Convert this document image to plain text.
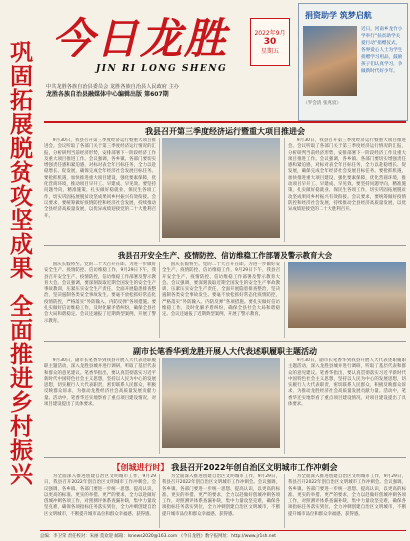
巩固拓展脱贫攻坚成果
全面推进乡村振兴
今日龙胜
JIN RI LONG SHENG
2022年9月
30
星期五
中共龙胜各族自治县委员会 龙胜各族自治县人民政府 主办
龙胜各族自治县融媒体中心编辑出版 第607期
捐资助学 筑梦启航
近日，河南乡龙竹小学举行“扶贫助学关爱行动”捐赠仪式，各界爱心人士为学生捐赠学习用品，鼓励孩子们认真学习，争做新时代好少年。
（罗会清 张兆宸）
我县召开第三季度经济运行暨重大项目推进会

9月30日，我县召开第三季度经济运行暨重大项目推进会。会议听取了各部门关于第三季度经济运行情况的汇报，分析研判当前经济形势，安排部署下一阶段经济工作及重大项目推进工作。会议强调，各乡镇、各部门要切实增强责任感和紧迫感，对标对表全年目标任务，全力以赴稳增长、促发展，确保完成全年经济社会发展目标任务。要抢抓机遇，加快推进重大项目建设，强化要素保障，优化营商环境，推动项目早开工、早建成、早见效。要坚持问题导向，精准施策，扎实做好稳就业、保民生各项工作，切实巩固拓展脱贫攻坚成果同乡村振兴有效衔接。会议要求，要统筹做好疫情防控和经济社会发展，持续推动全县经济高质量发展，以优异成绩迎接党的二十大胜利召开。

9月30日，我县召开第三季度经济运行暨重大项目推进会。会议听取了各部门关于第三季度经济运行情况的汇报，分析研判当前经济形势，安排部署下一阶段经济工作及重大项目推进工作。会议强调，各乡镇、各部门要切实增强责任感和紧迫感，对标对表全年目标任务，全力以赴稳增长、促发展，确保完成全年经济社会发展目标任务。要抢抓机遇，加快推进重大项目建设，强化要素保障，优化营商环境，推动项目早开工、早建成、早见效。要坚持问题导向，精准施策，扎实做好稳就业、保民生各项工作，切实巩固拓展脱贫攻坚成果同乡村振兴有效衔接。会议要求，要统筹做好疫情防控和经济社会发展，持续推动全县经济高质量发展，以优异成绩迎接党的二十大胜利召开。

我县召开安全生产、疫情防控、信访维稳工作部署及警示教育大会

国庆长假将至。党的二十大召开在即。为进一步做好安全生产、疫情防控、信访维稳工作，9月29日下午，我县召开安全生产、疫情防控、信访维稳工作部署及警示教育大会。会议强调，要深刻汲取近期全国发生的安全生产事故教训，压紧压实安全生产责任，全面开展隐患排查整治，坚决遏制各类安全事故发生。要毫不放松抓好常态化疫情防控，严格落实“外防输入、内防反弹”各项措施。要扎实做好信访维稳工作，及时化解矛盾纠纷，确保全县社会大局和谐稳定。会议还通报了近期典型案例，开展了警示教育。

国庆长假将至。党的二十大召开在即。为进一步做好安全生产、疫情防控、信访维稳工作，9月29日下午，我县召开安全生产、疫情防控、信访维稳工作部署及警示教育大会。会议强调，要深刻汲取近期全国发生的安全生产事故教训，压紧压实安全生产责任，全面开展隐患排查整治，坚决遏制各类安全事故发生。要毫不放松抓好常态化疫情防控，严格落实“外防输入、内防反弹”各项措施。要扎实做好信访维稳工作，及时化解矛盾纠纷，确保全县社会大局和谐稳定。会议还通报了近期典型案例，开展了警示教育。

副市长笔香华到龙胜开展人大代表述职履职主题活动

9月30日，副市长笔香华到我县开展人大代表述职履职主题活动，深入龙胜县城并进行调研，听取了基层代表和群众的意见建议。笔香华指出，要认真贯彻落实习近平新时代中国特色社会主义思想，坚持以人民为中心的发展思想，切实履行人大代表职责，密切联系人民群众，积极反映群众诉求，为推动龙胜经济社会高质量发展贡献力量。活动中，笔香华还实地察看了重点项目建设情况，对项目建设提出了具体要求。

9月30日，副市长笔香华到我县开展人大代表述职履职主题活动，深入龙胜县城并进行调研，听取了基层代表和群众的意见建议。笔香华指出，要认真贯彻落实习近平新时代中国特色社会主义思想，坚持以人民为中心的发展思想，切实履行人大代表职责，密切联系人民群众，积极反映群众诉求，为推动龙胜经济社会高质量发展贡献力量。活动中，笔香华还实地察看了重点项目建设情况，对项目建设提出了具体要求。

【创城进行时】 我县召开2022年创自治区文明城市工作冲刺会

为全面深入推进创建自治区文明城市工作，9月29日，我县召开2022年创自治区文明城市工作冲刺会。会议强调，各乡镇、各部门要进一步统一思想、提高认识，以更高的标准、更实的举措、更严的要求，全力以赴做好创城冲刺各项工作，对照测评体系查漏补缺，集中力量攻坚克难，确保各项指标任务落实到位，全力冲刺创建自治区文明城市，不断提升城市品位和群众幸福感、获得感。

为全面深入推进创建自治区文明城市工作，9月29日，我县召开2022年创自治区文明城市工作冲刺会。会议强调，各乡镇、各部门要进一步统一思想、提高认识，以更高的标准、更实的举措、更严的要求，全力以赴做好创城冲刺各项工作，对照测评体系查漏补缺，集中力量攻坚克难，确保各项指标任务落实到位，全力冲刺创建自治区文明城市，不断提升城市品位和群众幸福感、获得感。

为全面深入推进创建自治区文明城市工作，9月29日，我县召开2022年创自治区文明城市工作冲刺会。会议强调，各乡镇、各部门要进一步统一思想、提高认识，以更高的标准、更实的举措、更严的要求，全力以赴做好创城冲刺各项工作，对照测评体系查漏补缺，集中力量攻坚克难，确保各项指标任务落实到位，全力冲刺创建自治区文明城市，不断提升城市品位和群众幸福感、获得感。

总编：李卫荣 责任校对：朱丽 莫欢迎 邮箱：lsnews2020@163.com 《今日龙胜》数字报网址：http://www.jr1sh.net
